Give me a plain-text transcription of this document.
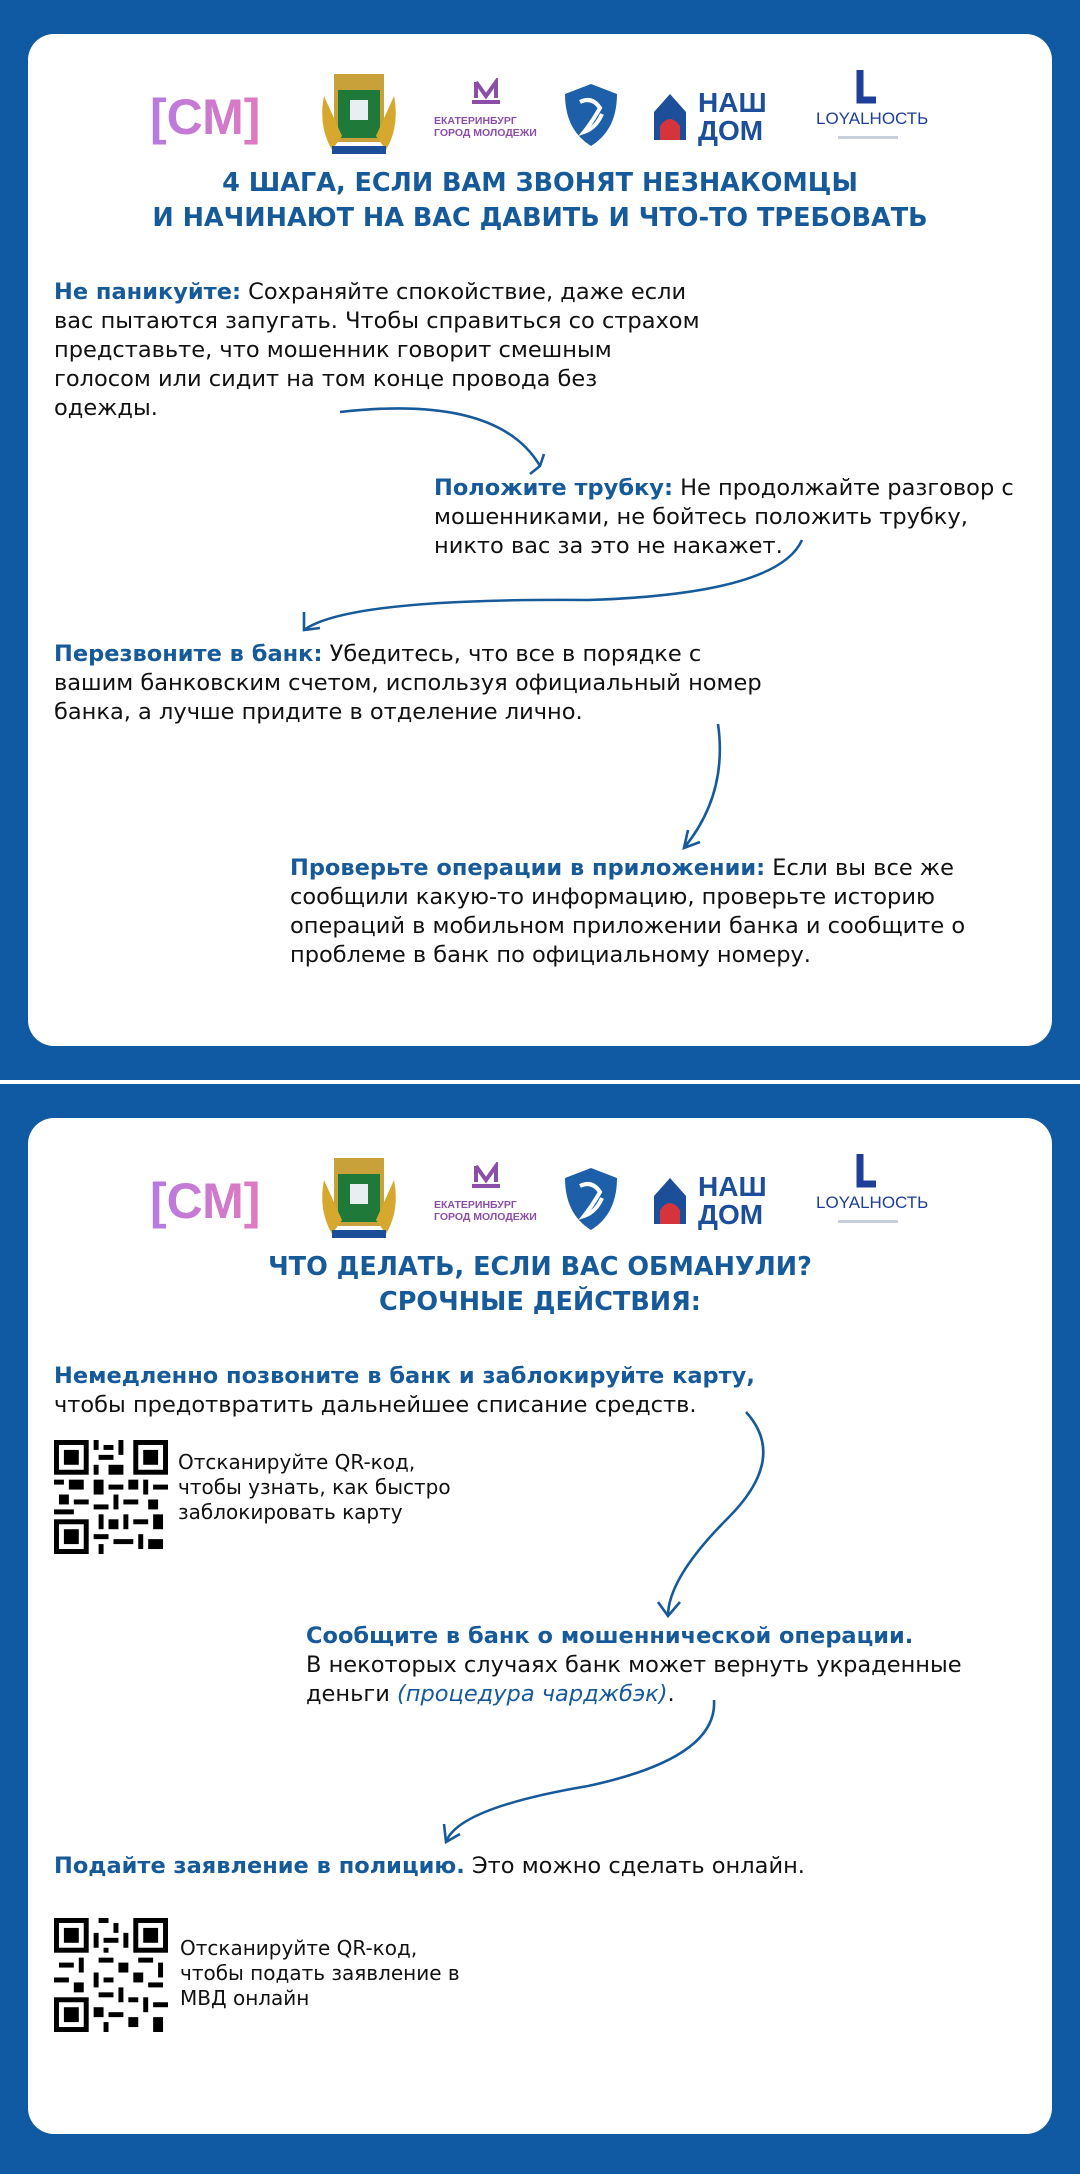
[СМ]	ЕКАТЕРИНБУРГ
ГОРОД МОЛОДЕЖИ
НАШ
ДОМ	LOYALНОСТЬ
4 ШАГА, ЕСЛИ ВАМ ЗВОНЯТ НЕЗНАКОМЦЫ
И НАЧИНАЮТ НА ВАС ДАВИТЬ И ЧТО-ТО ТРЕБОВАТЬ
Не паникуйте: Сохраняйте спокойствие, даже если вас пытаются запугать. Чтобы справиться со страхом представьте, что мошенник говорит смешным голосом или сидит на том конце провода без одежды.
Положите трубку: Не продолжайте разговор с мошенниками, не бойтесь положить трубку, никто вас за это не накажет.
Перезвоните в банк: Убедитесь, что все в порядке с вашим банковским счетом, используя официальный номер банка, а лучше придите в отделение лично.
Проверьте операции в приложении: Если вы все же сообщили какую-то информацию, проверьте историю операций в мобильном приложении банка и сообщите о проблеме в банк по официальному номеру.
[СМ]	ЕКАТЕРИНБУРГ
ГОРОД МОЛОДЕЖИ
НАШ
ДОМ	LOYALНОСТЬ
ЧТО ДЕЛАТЬ, ЕСЛИ ВАС ОБМАНУЛИ?
СРОЧНЫЕ ДЕЙСТВИЯ:
Немедленно позвоните в банк и заблокируйте карту,
чтобы предотвратить дальнейшее списание средств.
Отсканируйте QR-код, чтобы узнать, как быстро заблокировать карту
Сообщите в банк о мошеннической операции.
В некоторых случаях банк может вернуть украденные деньги (процедура чарджбэк).
Подайте заявление в полицию. Это можно сделать онлайн.
Отсканируйте QR-код, чтобы подать заявление в МВД онлайн
